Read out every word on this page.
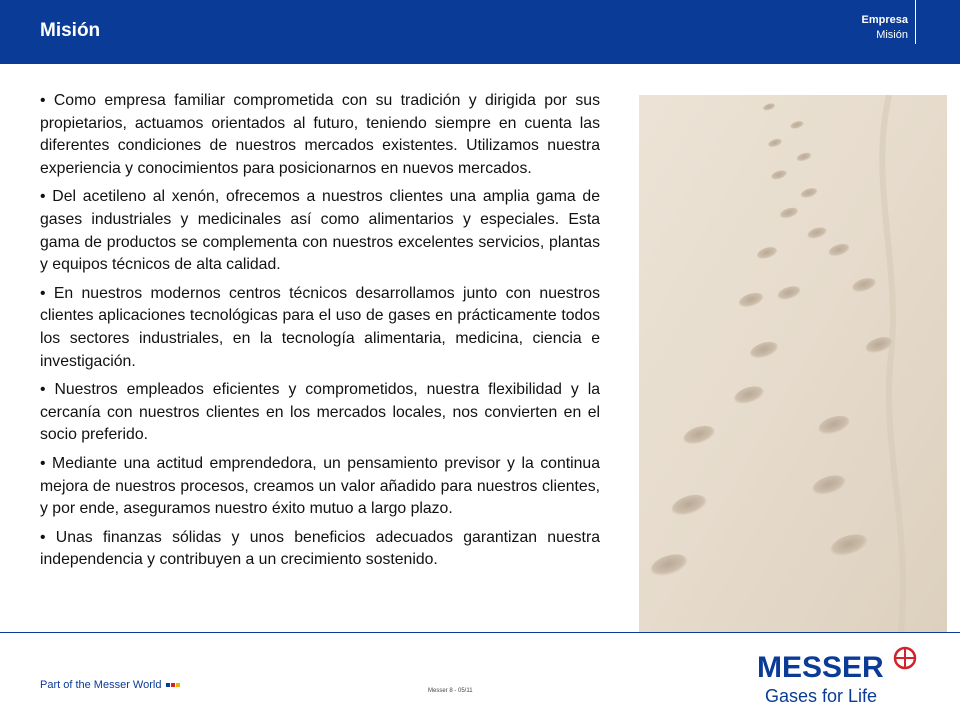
Misión	Empresa
Misión

• Como empresa familiar comprometida con su tradición y dirigida por sus propietarios, actuamos orientados al futuro, teniendo siempre en cuenta las diferentes condiciones de nuestros mercados existentes. Utilizamos nuestra experiencia y conocimientos para posicionarnos en nuevos mercados.

• Del acetileno al xenón, ofrecemos a nuestros clientes una amplia gama de gases industriales y medicinales así como alimentarios y especiales. Esta gama de productos se complementa con nuestros excelentes servicios, plantas y equipos técnicos de alta calidad.

• En nuestros modernos centros técnicos desarrollamos junto con nuestros clientes aplicaciones tecnológicas para el uso de gases en prácticamente todos los sectores industriales, en la tecnología alimentaria, medicina, ciencia e investigación.

• Nuestros empleados eficientes y comprometidos, nuestra flexibilidad y la cercanía con nuestros clientes en los mercados locales, nos convierten en el socio preferido.

• Mediante una actitud emprendedora, un pensamiento previsor y la continua mejora de nuestros procesos, creamos un valor añadido para nuestros clientes, y por ende, aseguramos nuestro éxito mutuo a largo plazo.

• Unas finanzas sólidas y unos beneficios adecuados garantizan nuestra independencia y contribuyen a un crecimiento sostenido.

Part of the Messer World	Messer 8 - 05/11
MESSER
Gases for Life
